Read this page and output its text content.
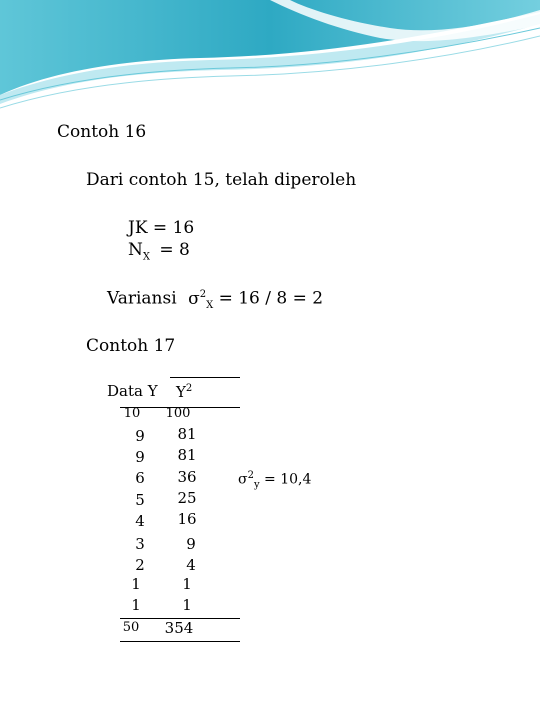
Contoh 16
Dari contoh 15, telah diperoleh
JK = 16
$N_X = 8$
Variansi $\sigma^2_X = 16 / 8 = 2$
Contoh 17
Data Y $Y^2$
10	100
9	81
9	81
6	36
5	25
4	16
3	9
2	4
1	1
1	1
50	354
$\sigma^2_y = 10,4$
